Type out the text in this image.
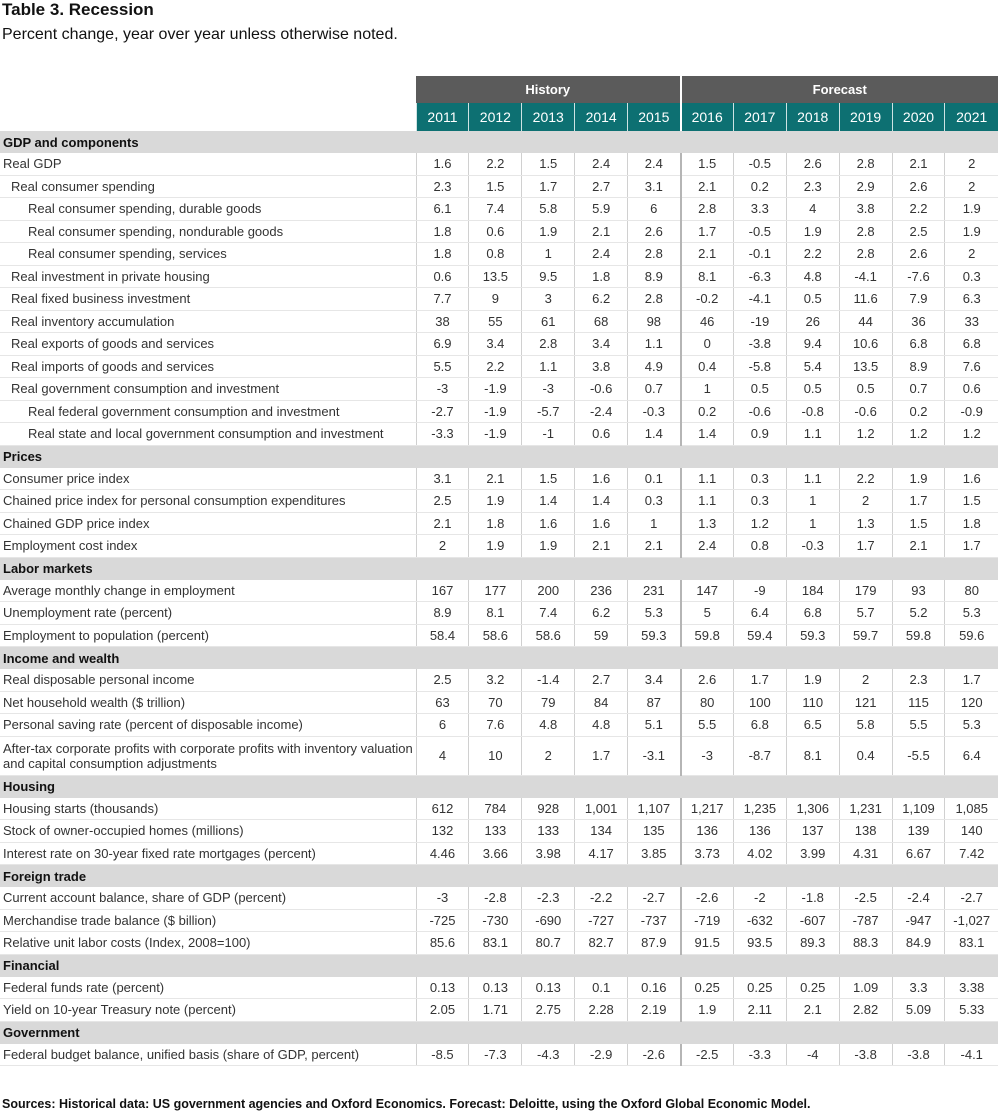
Table 3. Recession
Percent change, year over year unless otherwise noted.
	History					Forecast					
	2011	2012	2013	2014	2015	2016	2017	2018	2019	2020	2021
GDP and components											
Real GDP	1.6	2.2	1.5	2.4	2.4	1.5	-0.5	2.6	2.8	2.1	2
Real consumer spending	2.3	1.5	1.7	2.7	3.1	2.1	0.2	2.3	2.9	2.6	2
Real consumer spending, durable goods	6.1	7.4	5.8	5.9	6	2.8	3.3	4	3.8	2.2	1.9
Real consumer spending, nondurable goods	1.8	0.6	1.9	2.1	2.6	1.7	-0.5	1.9	2.8	2.5	1.9
Real consumer spending, services	1.8	0.8	1	2.4	2.8	2.1	-0.1	2.2	2.8	2.6	2
Real investment in private housing	0.6	13.5	9.5	1.8	8.9	8.1	-6.3	4.8	-4.1	-7.6	0.3
Real fixed business investment	7.7	9	3	6.2	2.8	-0.2	-4.1	0.5	11.6	7.9	6.3
Real inventory accumulation	38	55	61	68	98	46	-19	26	44	36	33
Real exports of goods and services	6.9	3.4	2.8	3.4	1.1	0	-3.8	9.4	10.6	6.8	6.8
Real imports of goods and services	5.5	2.2	1.1	3.8	4.9	0.4	-5.8	5.4	13.5	8.9	7.6
Real government consumption and investment	-3	-1.9	-3	-0.6	0.7	1	0.5	0.5	0.5	0.7	0.6
Real federal government consumption and investment	-2.7	-1.9	-5.7	-2.4	-0.3	0.2	-0.6	-0.8	-0.6	0.2	-0.9
Real state and local government consumption and investment	-3.3	-1.9	-1	0.6	1.4	1.4	0.9	1.1	1.2	1.2	1.2
Prices											
Consumer price index	3.1	2.1	1.5	1.6	0.1	1.1	0.3	1.1	2.2	1.9	1.6
Chained price index for personal consumption expenditures	2.5	1.9	1.4	1.4	0.3	1.1	0.3	1	2	1.7	1.5
Chained GDP price index	2.1	1.8	1.6	1.6	1	1.3	1.2	1	1.3	1.5	1.8
Employment cost index	2	1.9	1.9	2.1	2.1	2.4	0.8	-0.3	1.7	2.1	1.7
Labor markets											
Average monthly change in employment	167	177	200	236	231	147	-9	184	179	93	80
Unemployment rate (percent)	8.9	8.1	7.4	6.2	5.3	5	6.4	6.8	5.7	5.2	5.3
Employment to population (percent)	58.4	58.6	58.6	59	59.3	59.8	59.4	59.3	59.7	59.8	59.6
Income and wealth											
Real disposable personal income	2.5	3.2	-1.4	2.7	3.4	2.6	1.7	1.9	2	2.3	1.7
Net household wealth ($ trillion)	63	70	79	84	87	80	100	110	121	115	120
Personal saving rate (percent of disposable income)	6	7.6	4.8	4.8	5.1	5.5	6.8	6.5	5.8	5.5	5.3
After-tax corporate profits with corporate profits with inventory valuation and capital consumption adjustments	4	10	2	1.7	-3.1	-3	-8.7	8.1	0.4	-5.5	6.4
Housing											
Housing starts (thousands)	612	784	928	1,001	1,107	1,217	1,235	1,306	1,231	1,109	1,085
Stock of owner-occupied homes (millions)	132	133	133	134	135	136	136	137	138	139	140
Interest rate on 30-year fixed rate mortgages (percent)	4.46	3.66	3.98	4.17	3.85	3.73	4.02	3.99	4.31	6.67	7.42
Foreign trade											
Current account balance, share of GDP (percent)	-3	-2.8	-2.3	-2.2	-2.7	-2.6	-2	-1.8	-2.5	-2.4	-2.7
Merchandise trade balance ($ billion)	-725	-730	-690	-727	-737	-719	-632	-607	-787	-947	-1,027
Relative unit labor costs (Index, 2008=100)	85.6	83.1	80.7	82.7	87.9	91.5	93.5	89.3	88.3	84.9	83.1
Financial											
Federal funds rate (percent)	0.13	0.13	0.13	0.1	0.16	0.25	0.25	0.25	1.09	3.3	3.38
Yield on 10-year Treasury note (percent)	2.05	1.71	2.75	2.28	2.19	1.9	2.11	2.1	2.82	5.09	5.33
Government											
Federal budget balance, unified basis (share of GDP, percent)	-8.5	-7.3	-4.3	-2.9	-2.6	-2.5	-3.3	-4	-3.8	-3.8	-4.1
Sources: Historical data: US government agencies and Oxford Economics. Forecast: Deloitte, using the Oxford Global Economic Model.
